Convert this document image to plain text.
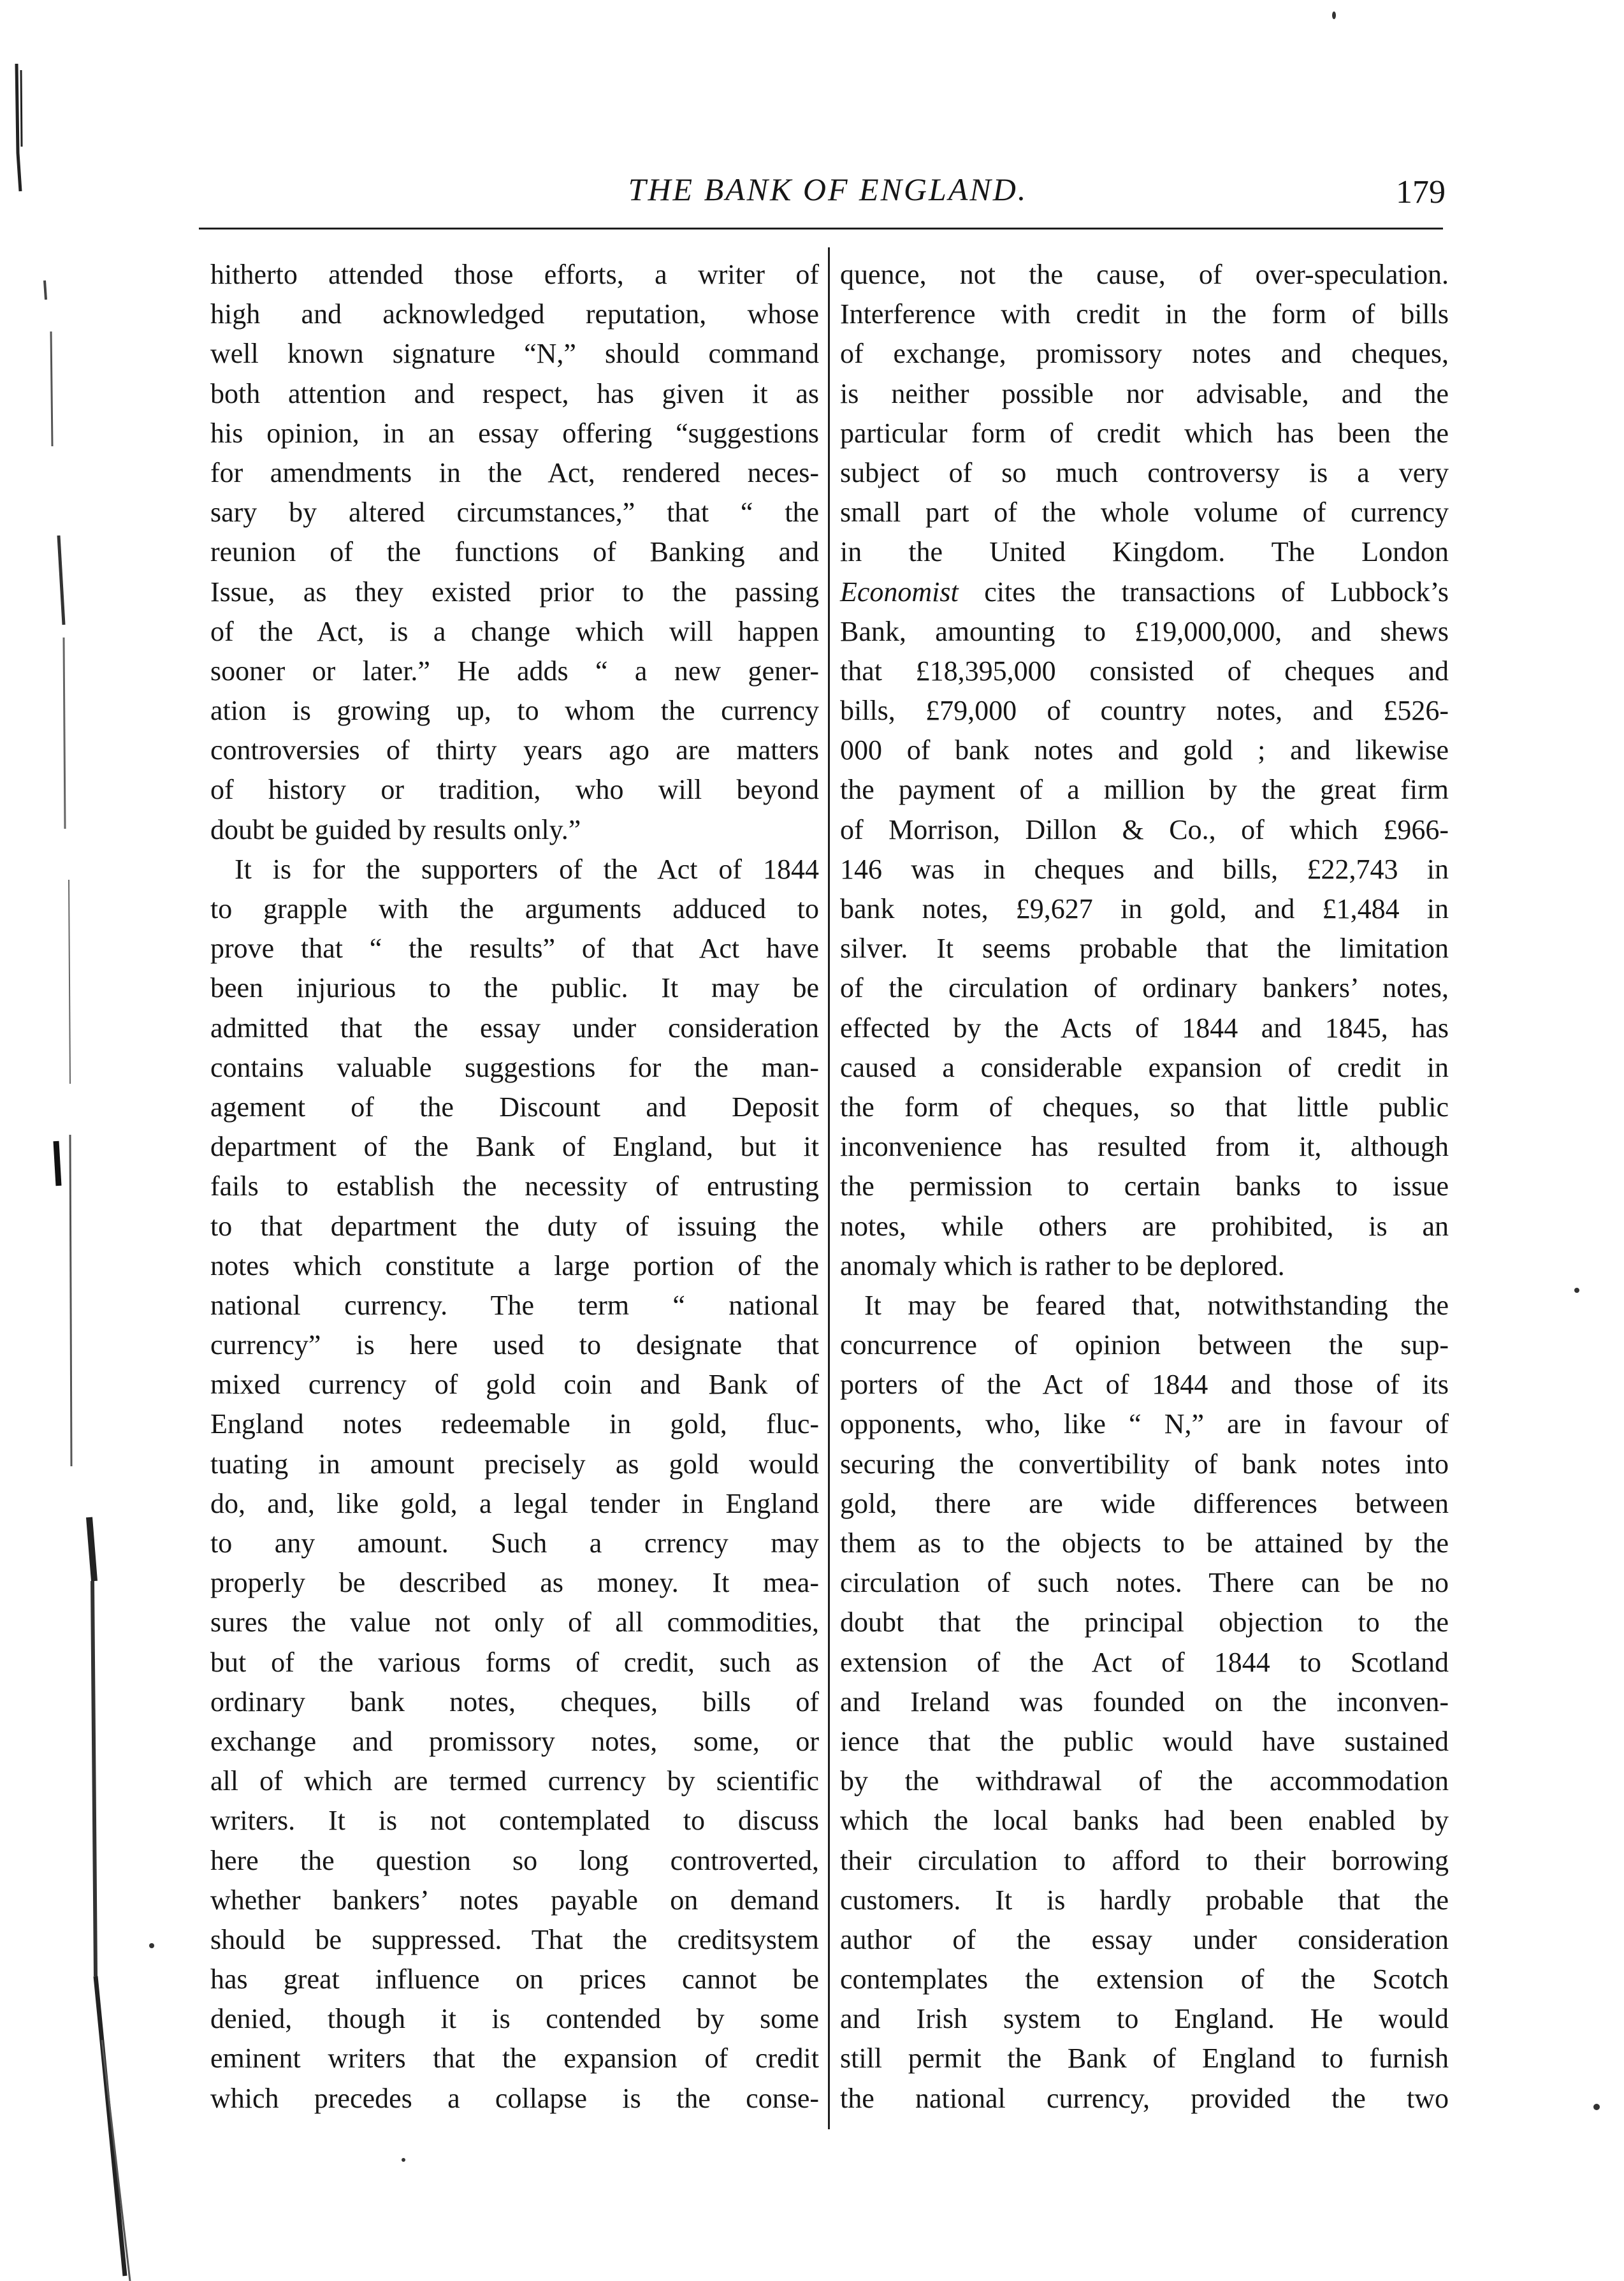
THE BANK OF ENGLAND.	179
hitherto attended those efforts, a writer of
high and acknowledged reputation, whose
well known signature “N,” should command
both attention and respect, has given it as
his opinion, in an essay offering “suggestions
for amendments in the Act, rendered neces-
sary by altered circumstances,” that “ the
reunion of the functions of Banking and
Issue, as they existed prior to the passing
of the Act, is a change which will happen
sooner or later.” He adds “ a new gener-
ation is growing up, to whom the currency
controversies of thirty years ago are matters
of history or tradition, who will beyond
doubt be guided by results only.”
It is for the supporters of the Act of 1844
to grapple with the arguments adduced to
prove that “ the results” of that Act have
been injurious to the public. It may be
admitted that the essay under consideration
contains valuable suggestions for the man-
agement of the Discount and Deposit
department of the Bank of England, but it
fails to establish the necessity of entrusting
to that department the duty of issuing the
notes which constitute a large portion of the
national currency. The term “ national
currency” is here used to designate that
mixed currency of gold coin and Bank of
England notes redeemable in gold, fluc-
tuating in amount precisely as gold would
do, and, like gold, a legal tender in England
to any amount. Such a crrency may
properly be described as money. It mea-
sures the value not only of all commodities,
but of the various forms of credit, such as
ordinary bank notes, cheques, bills of
exchange and promissory notes, some, or
all of which are termed currency by scientific
writers. It is not contemplated to discuss
here the question so long controverted,
whether bankers’ notes payable on demand
should be suppressed. That the creditsystem
has great influence on prices cannot be
denied, though it is contended by some
eminent writers that the expansion of credit
which precedes a collapse is the conse-
quence, not the cause, of over-speculation.
Interference with credit in the form of bills
of exchange, promissory notes and cheques,
is neither possible nor advisable, and the
particular form of credit which has been the
subject of so much controversy is a very
small part of the whole volume of currency
in the United Kingdom. The London
Economist cites the transactions of Lubbock’s
Bank, amounting to £19,000,000, and shews
that £18,395,000 consisted of cheques and
bills, £79,000 of country notes, and £526-
000 of bank notes and gold ; and likewise
the payment of a million by the great firm
of Morrison, Dillon & Co., of which £966-
146 was in cheques and bills, £22,743 in
bank notes, £9,627 in gold, and £1,484 in
silver. It seems probable that the limitation
of the circulation of ordinary bankers’ notes,
effected by the Acts of 1844 and 1845, has
caused a considerable expansion of credit in
the form of cheques, so that little public
inconvenience has resulted from it, although
the permission to certain banks to issue
notes, while others are prohibited, is an
anomaly which is rather to be deplored.
It may be feared that, notwithstanding the
concurrence of opinion between the sup-
porters of the Act of 1844 and those of its
opponents, who, like “ N,” are in favour of
securing the convertibility of bank notes into
gold, there are wide differences between
them as to the objects to be attained by the
circulation of such notes. There can be no
doubt that the principal objection to the
extension of the Act of 1844 to Scotland
and Ireland was founded on the inconven-
ience that the public would have sustained
by the withdrawal of the accommodation
which the local banks had been enabled by
their circulation to afford to their borrowing
customers. It is hardly probable that the
author of the essay under consideration
contemplates the extension of the Scotch
and Irish system to England. He would
still permit the Bank of England to furnish
the national currency, provided the two
